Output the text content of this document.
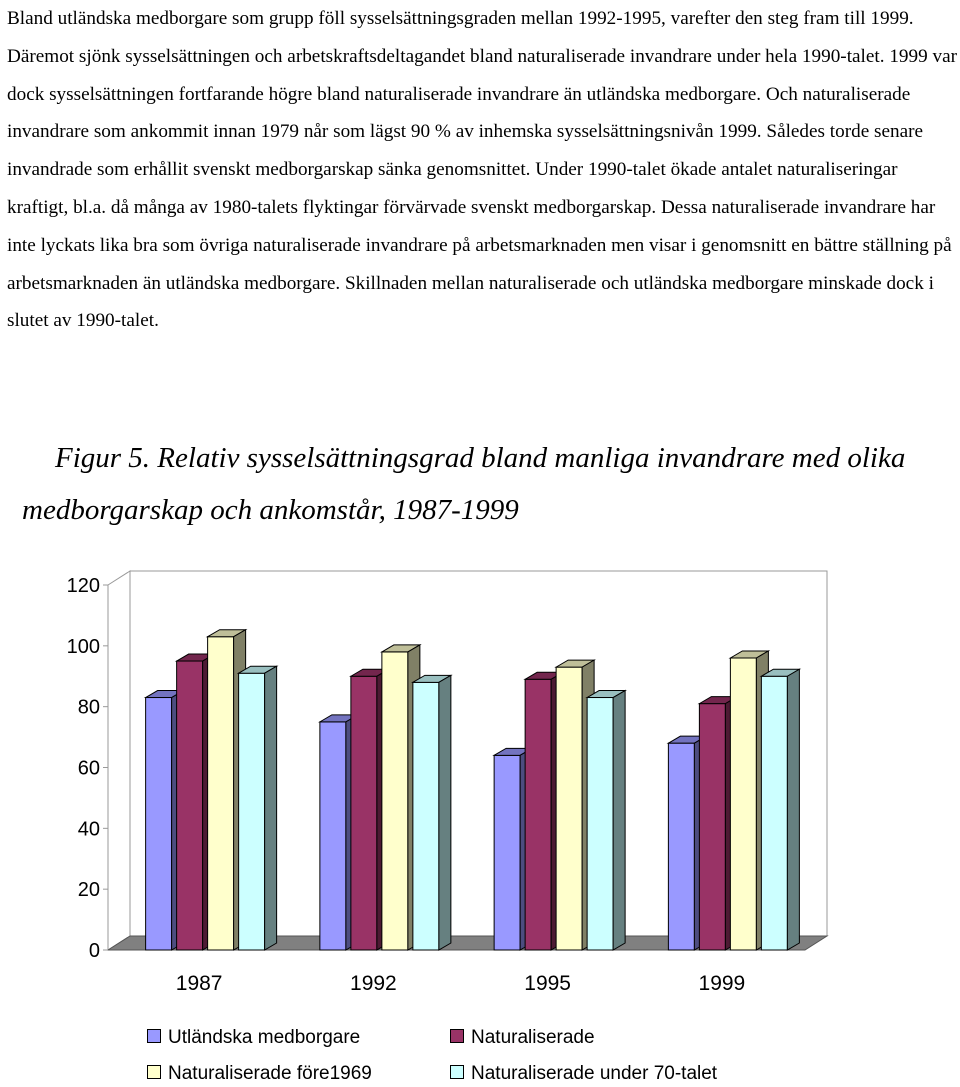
Bland utländska medborgare som grupp föll sysselsättningsgraden mellan 1992-1995, varefter den steg fram till 1999. Däremot sjönk sysselsättningen och arbetskraftsdeltagandet bland naturaliserade invandrare under hela 1990-talet. 1999 var dock sysselsättningen fortfarande högre bland naturaliserade invandrare än utländska medborgare. Och naturaliserade invandrare som ankommit innan 1979 når som lägst 90 % av inhemska sysselsättningsnivån 1999. Således torde senare invandrade som erhållit svenskt medborgarskap sänka genomsnittet. Under 1990-talet ökade antalet naturaliseringar kraftigt, bl.a. då många av 1980-talets flyktingar förvärvade svenskt medborgarskap. Dessa naturaliserade invandrare har inte lyckats lika bra som övriga naturaliserade invandrare på arbetsmarknaden men visar i genomsnitt en bättre ställning på arbetsmarknaden än utländska medborgare. Skillnaden mellan naturaliserade och utländska medborgare minskade dock i slutet av 1990-talet.

Figur 5. Relativ sysselsättningsgrad bland manliga invandrare med olika
medborgarskap och ankomstår, 1987-1999
0
20
40
60
80
100
120
1987	1992	1995	1999
Utländska medborgare	Naturaliserade
Naturaliserade före1969	Naturaliserade under 70-talet
